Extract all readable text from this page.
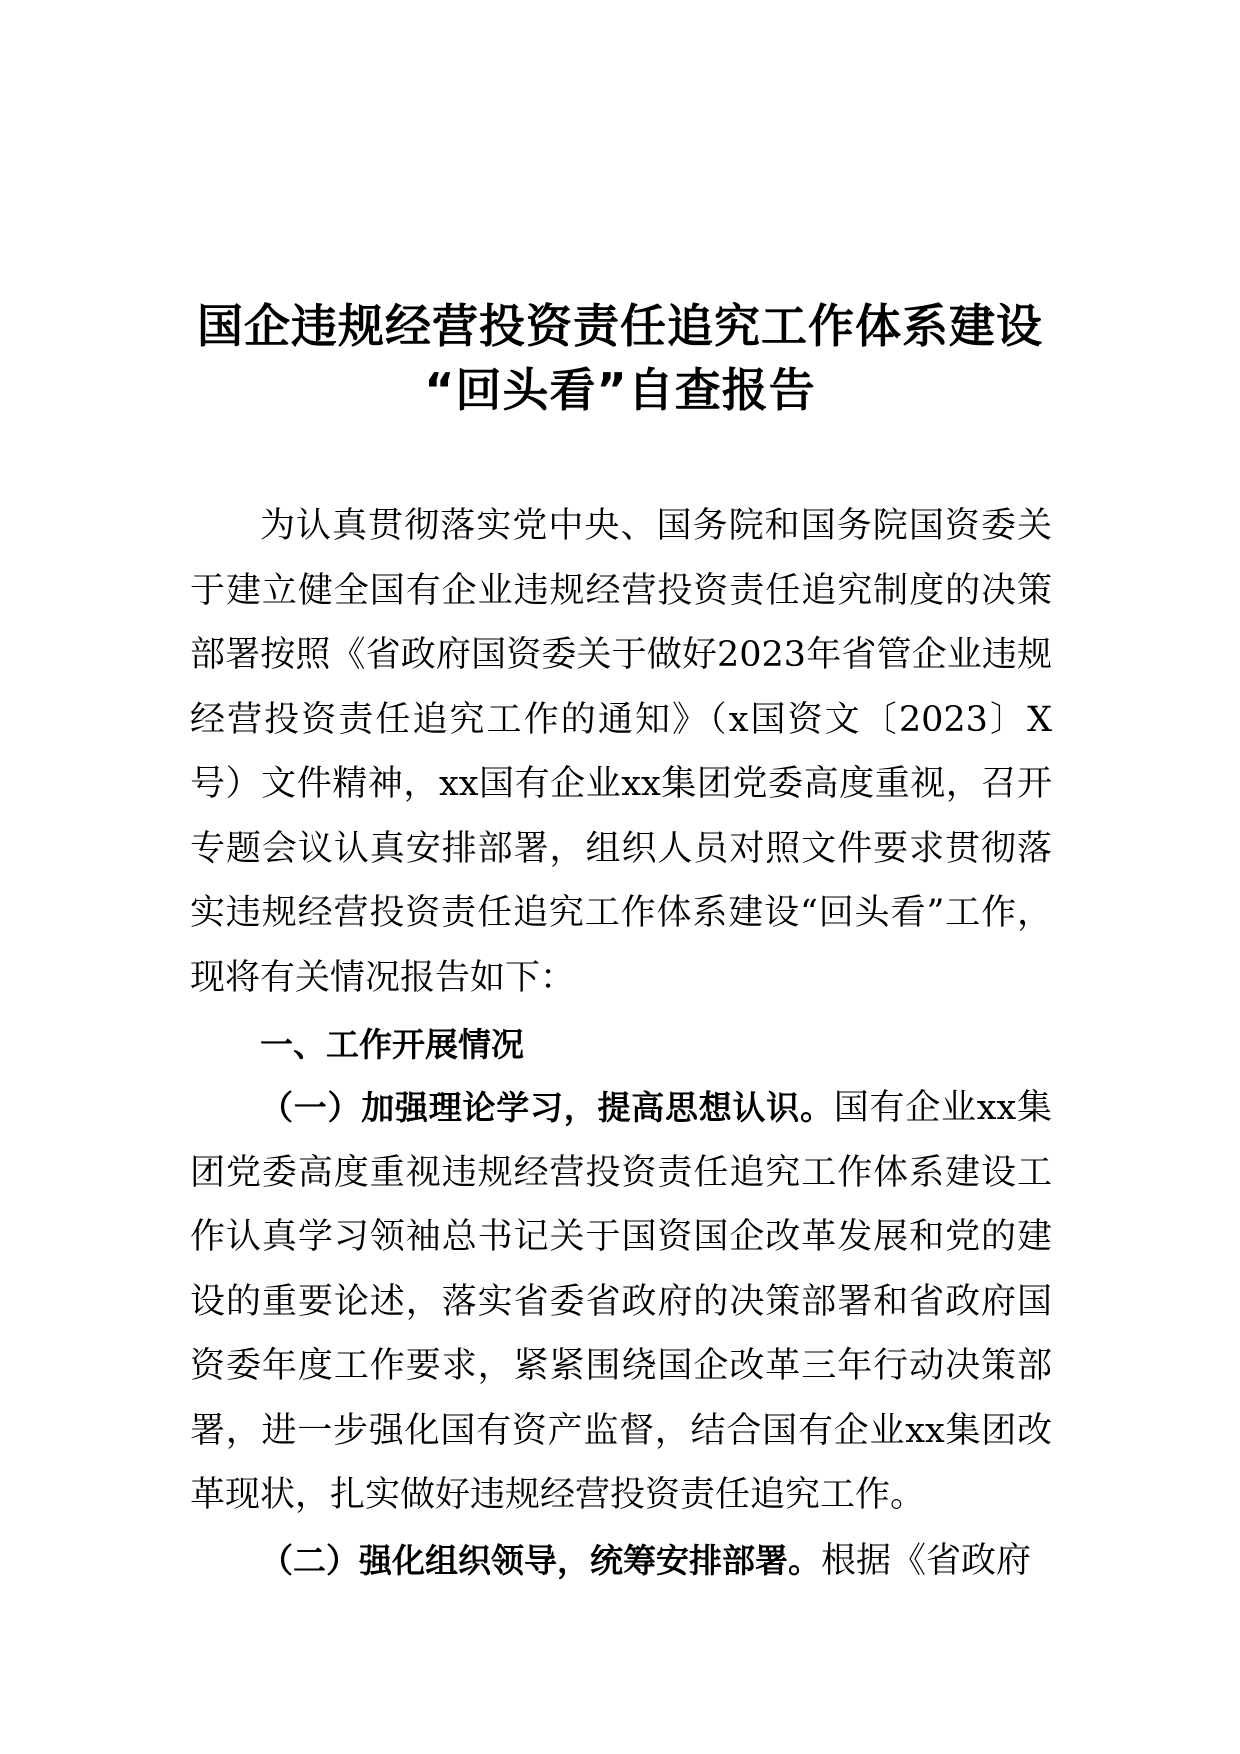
国企违规经营投资责任追究工作体系建设
“回头看”自查报告

为认真贯彻落实党中央、国务院和国务院国资委关于建立健全国有企业违规经营投资责任追究制度的决策部署按照《省政府国资委关于做好2023年省管企业违规经营投资责任追究工作的通知》（x国资文〔2023〕X号）文件精神，xx国有企业xx集团党委高度重视，召开专题会议认真安排部署，组织人员对照文件要求贯彻落实违规经营投资责任追究工作体系建设“回头看”工作，现将有关情况报告如下：

一、工作开展情况

（一）加强理论学习，提高思想认识。国有企业xx集团党委高度重视违规经营投资责任追究工作体系建设工作认真学习领袖总书记关于国资国企改革发展和党的建设的重要论述，落实省委省政府的决策部署和省政府国资委年度工作要求，紧紧围绕国企改革三年行动决策部署，进一步强化国有资产监督，结合国有企业xx集团改革现状，扎实做好违规经营投资责任追究工作。

（二）强化组织领导，统筹安排部署。根据《省政府
